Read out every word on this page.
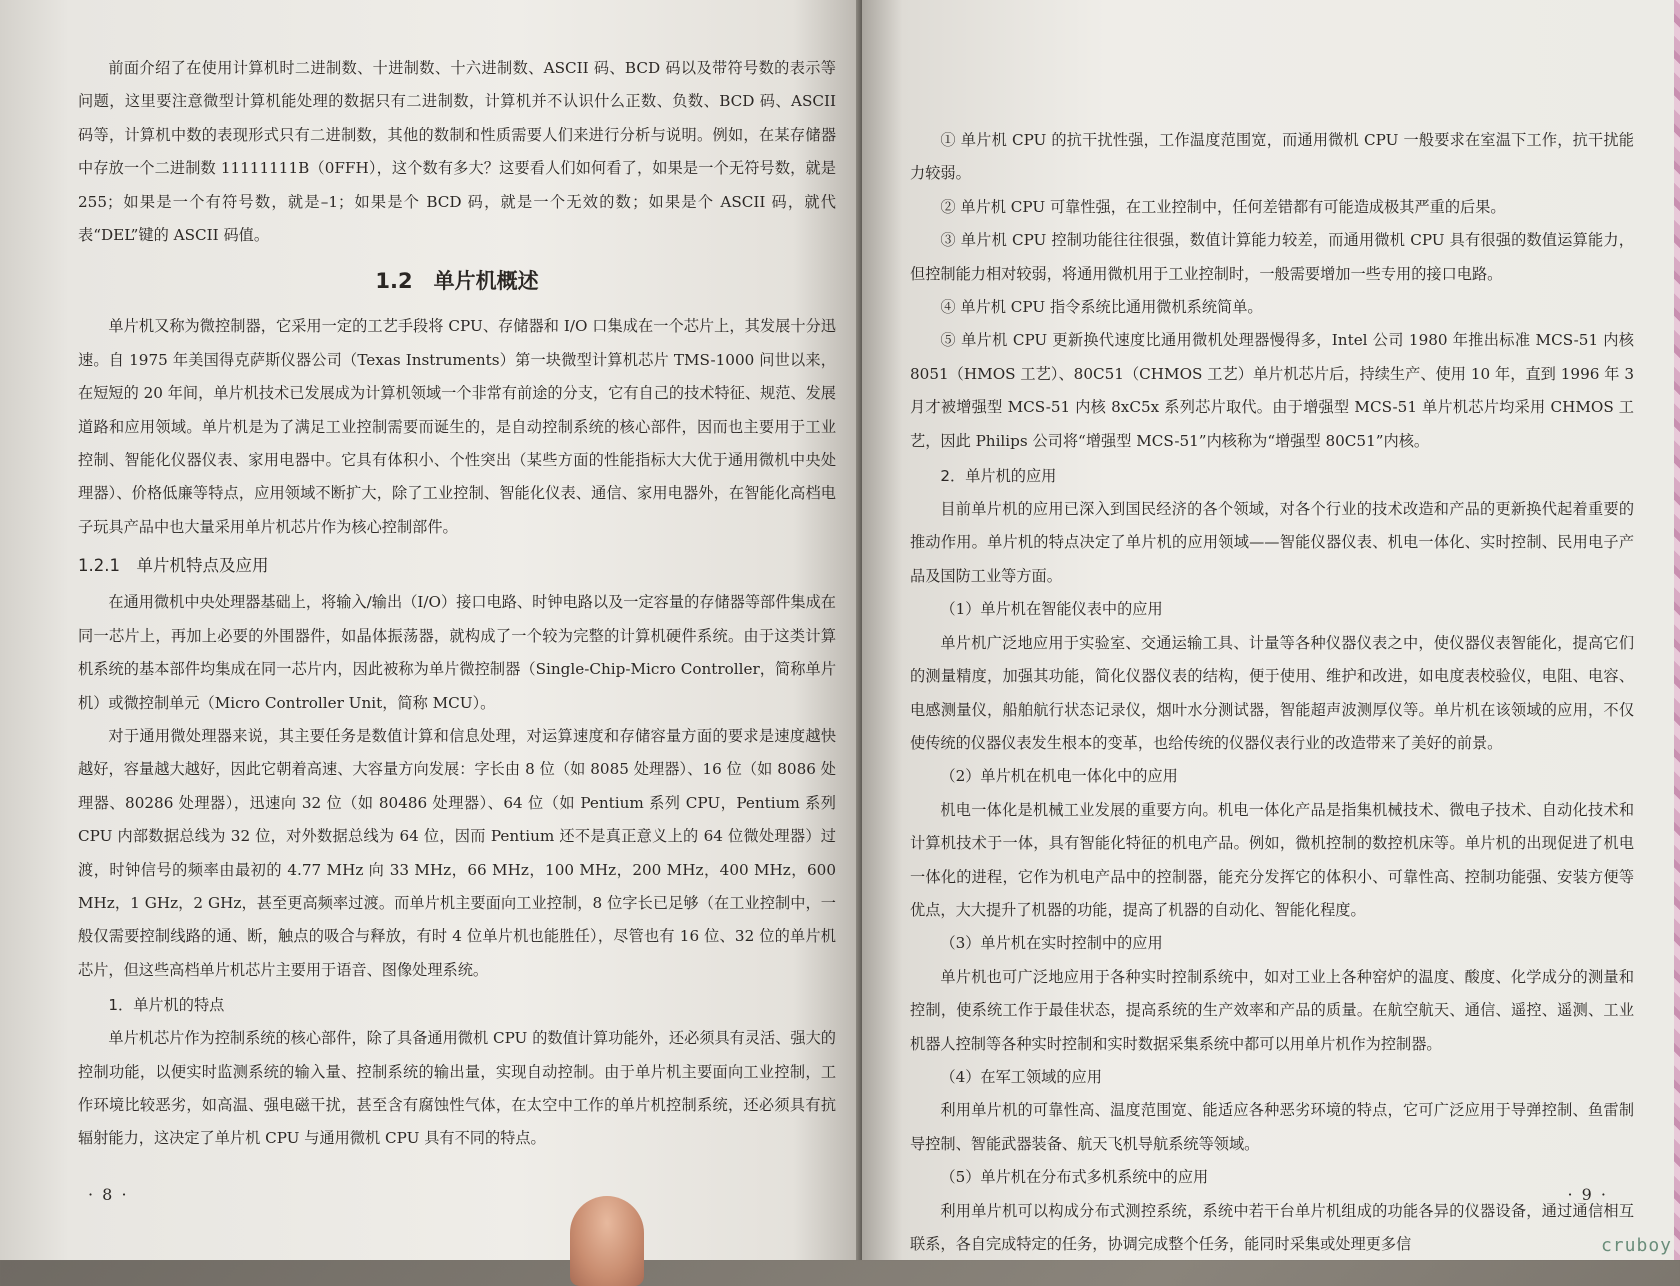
前面介绍了在使用计算机时二进制数、十进制数、十六进制数、ASCII 码、BCD 码以及带符号数的表示等问题，这里要注意微型计算机能处理的数据只有二进制数，计算机并不认识什么正数、负数、BCD 码、ASCII 码等，计算机中数的表现形式只有二进制数，其他的数制和性质需要人们来进行分析与说明。例如，在某存储器中存放一个二进制数 11111111B（0FFH），这个数有多大？这要看人们如何看了，如果是一个无符号数，就是 255；如果是一个有符号数，就是–1；如果是个 BCD 码，就是一个无效的数；如果是个 ASCII 码，就代表“DEL”键的 ASCII 码值。

1.2　单片机概述

单片机又称为微控制器，它采用一定的工艺手段将 CPU、存储器和 I/O 口集成在一个芯片上，其发展十分迅速。自 1975 年美国得克萨斯仪器公司（Texas Instruments）第一块微型计算机芯片 TMS-1000 问世以来，在短短的 20 年间，单片机技术已发展成为计算机领域一个非常有前途的分支，它有自己的技术特征、规范、发展道路和应用领域。单片机是为了满足工业控制需要而诞生的，是自动控制系统的核心部件，因而也主要用于工业控制、智能化仪器仪表、家用电器中。它具有体积小、个性突出（某些方面的性能指标大大优于通用微机中央处理器）、价格低廉等特点，应用领域不断扩大，除了工业控制、智能化仪表、通信、家用电器外，在智能化高档电子玩具产品中也大量采用单片机芯片作为核心控制部件。

1.2.1　单片机特点及应用

在通用微机中央处理器基础上，将输入/输出（I/O）接口电路、时钟电路以及一定容量的存储器等部件集成在同一芯片上，再加上必要的外围器件，如晶体振荡器，就构成了一个较为完整的计算机硬件系统。由于这类计算机系统的基本部件均集成在同一芯片内，因此被称为单片微控制器（Single-Chip-Micro Controller，简称单片机）或微控制单元（Micro Controller Unit，简称 MCU）。

对于通用微处理器来说，其主要任务是数值计算和信息处理，对运算速度和存储容量方面的要求是速度越快越好，容量越大越好，因此它朝着高速、大容量方向发展：字长由 8 位（如 8085 处理器）、16 位（如 8086 处理器、80286 处理器），迅速向 32 位（如 80486 处理器）、64 位（如 Pentium 系列 CPU，Pentium 系列 CPU 内部数据总线为 32 位，对外数据总线为 64 位，因而 Pentium 还不是真正意义上的 64 位微处理器）过渡，时钟信号的频率由最初的 4.77 MHz 向 33 MHz，66 MHz，100 MHz，200 MHz，400 MHz，600 MHz，1 GHz，2 GHz，甚至更高频率过渡。而单片机主要面向工业控制，8 位字长已足够（在工业控制中，一般仅需要控制线路的通、断，触点的吸合与释放，有时 4 位单片机也能胜任），尽管也有 16 位、32 位的单片机芯片，但这些高档单片机芯片主要用于语音、图像处理系统。

1．单片机的特点

单片机芯片作为控制系统的核心部件，除了具备通用微机 CPU 的数值计算功能外，还必须具有灵活、强大的控制功能，以便实时监测系统的输入量、控制系统的输出量，实现自动控制。由于单片机主要面向工业控制，工作环境比较恶劣，如高温、强电磁干扰，甚至含有腐蚀性气体，在太空中工作的单片机控制系统，还必须具有抗辐射能力，这决定了单片机 CPU 与通用微机 CPU 具有不同的特点。

· 8 ·

① 单片机 CPU 的抗干扰性强，工作温度范围宽，而通用微机 CPU 一般要求在室温下工作，抗干扰能力较弱。

② 单片机 CPU 可靠性强，在工业控制中，任何差错都有可能造成极其严重的后果。

③ 单片机 CPU 控制功能往往很强，数值计算能力较差，而通用微机 CPU 具有很强的数值运算能力，但控制能力相对较弱，将通用微机用于工业控制时，一般需要增加一些专用的接口电路。

④ 单片机 CPU 指令系统比通用微机系统简单。

⑤ 单片机 CPU 更新换代速度比通用微机处理器慢得多，Intel 公司 1980 年推出标准 MCS-51 内核 8051（HMOS 工艺）、80C51（CHMOS 工艺）单片机芯片后，持续生产、使用 10 年，直到 1996 年 3 月才被增强型 MCS-51 内核 8xC5x 系列芯片取代。由于增强型 MCS-51 单片机芯片均采用 CHMOS 工艺，因此 Philips 公司将“增强型 MCS-51”内核称为“增强型 80C51”内核。

2．单片机的应用

目前单片机的应用已深入到国民经济的各个领域，对各个行业的技术改造和产品的更新换代起着重要的推动作用。单片机的特点决定了单片机的应用领域——智能仪器仪表、机电一体化、实时控制、民用电子产品及国防工业等方面。

（1）单片机在智能仪表中的应用

单片机广泛地应用于实验室、交通运输工具、计量等各种仪器仪表之中，使仪器仪表智能化，提高它们的测量精度，加强其功能，简化仪器仪表的结构，便于使用、维护和改进，如电度表校验仪，电阻、电容、电感测量仪，船舶航行状态记录仪，烟叶水分测试器，智能超声波测厚仪等。单片机在该领域的应用，不仅使传统的仪器仪表发生根本的变革，也给传统的仪器仪表行业的改造带来了美好的前景。

（2）单片机在机电一体化中的应用

机电一体化是机械工业发展的重要方向。机电一体化产品是指集机械技术、微电子技术、自动化技术和计算机技术于一体，具有智能化特征的机电产品。例如，微机控制的数控机床等。单片机的出现促进了机电一体化的进程，它作为机电产品中的控制器，能充分发挥它的体积小、可靠性高、控制功能强、安装方便等优点，大大提升了机器的功能，提高了机器的自动化、智能化程度。

（3）单片机在实时控制中的应用

单片机也可广泛地应用于各种实时控制系统中，如对工业上各种窑炉的温度、酸度、化学成分的测量和控制，使系统工作于最佳状态，提高系统的生产效率和产品的质量。在航空航天、通信、遥控、遥测、工业机器人控制等各种实时控制和实时数据采集系统中都可以用单片机作为控制器。

（4）在军工领域的应用

利用单片机的可靠性高、温度范围宽、能适应各种恶劣环境的特点，它可广泛应用于导弹控制、鱼雷制导控制、智能武器装备、航天飞机导航系统等领域。

（5）单片机在分布式多机系统中的应用

利用单片机可以构成分布式测控系统，系统中若干台单片机组成的功能各异的仪器设备，通过通信相互联系，各自完成特定的任务，协调完成整个任务，能同时采集或处理更多信

· 9 ·
cruboy
